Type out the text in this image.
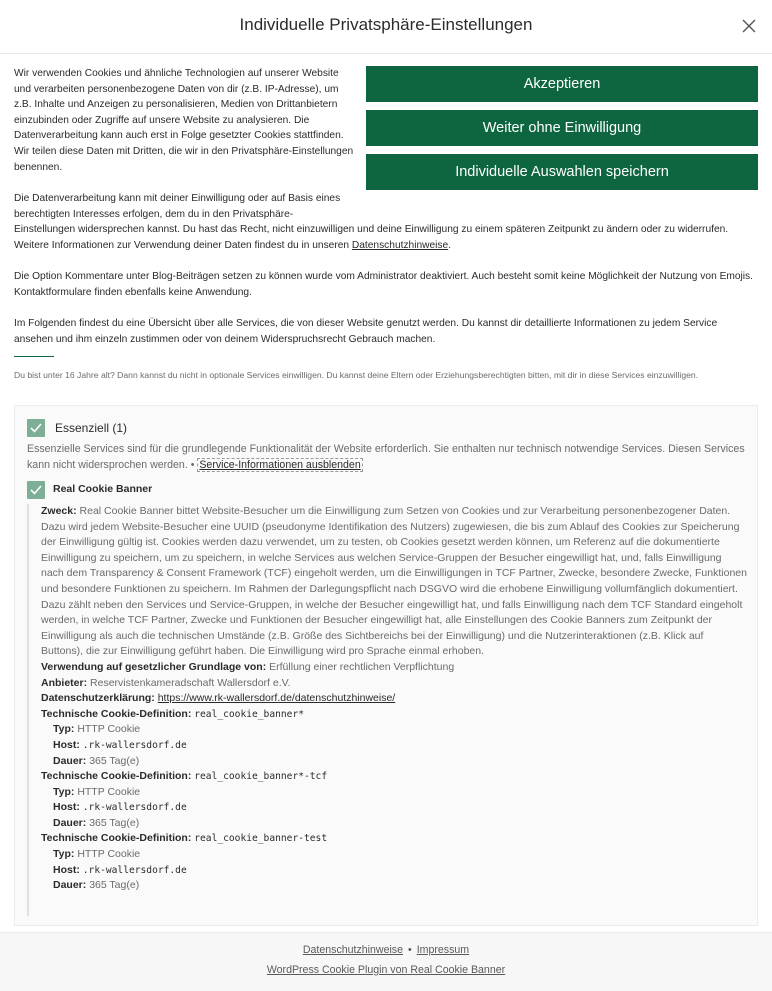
Individuelle Privatsphäre-Einstellungen
Wir verwenden Cookies und ähnliche Technologien auf unserer Website und verarbeiten personenbezogene Daten von dir (z.B. IP-Adresse), um z.B. Inhalte und Anzeigen zu personalisieren, Medien von Drittanbietern einzubinden oder Zugriffe auf unsere Website zu analysieren. Die Datenverarbeitung kann auch erst in Folge gesetzter Cookies stattfinden. Wir teilen diese Daten mit Dritten, die wir in den Privatsphäre-Einstellungen benennen.
Akzeptieren
Weiter ohne Einwilligung
Individuelle Auswahlen speichern
Die Datenverarbeitung kann mit deiner Einwilligung oder auf Basis eines berechtigten Interesses erfolgen, dem du in den Privatsphäre-
Einstellungen widersprechen kannst. Du hast das Recht, nicht einzuwilligen und deine Einwilligung zu einem späteren Zeitpunkt zu ändern oder zu widerrufen. Weitere Informationen zur Verwendung deiner Daten findest du in unseren Datenschutzhinweise.
Die Option Kommentare unter Blog-Beiträgen setzen zu können wurde vom Administrator deaktiviert. Auch besteht somit keine Möglichkeit der Nutzung von Emojis. Kontaktformulare finden ebenfalls keine Anwendung.
Im Folgenden findest du eine Übersicht über alle Services, die von dieser Website genutzt werden. Du kannst dir detaillierte Informationen zu jedem Service ansehen und ihm einzeln zustimmen oder von deinem Widerspruchsrecht Gebrauch machen.
Du bist unter 16 Jahre alt? Dann kannst du nicht in optionale Services einwilligen. Du kannst deine Eltern oder Erziehungsberechtigten bitten, mit dir in diese Services einzuwilligen.
Essenziell (1)
Essenzielle Services sind für die grundlegende Funktionalität der Website erforderlich. Sie enthalten nur technisch notwendige Services. Diesen Services kann nicht widersprochen werden. • Service-Informationen ausblenden
Real Cookie Banner
Zweck: Real Cookie Banner bittet Website-Besucher um die Einwilligung zum Setzen von Cookies und zur Verarbeitung personenbezogener Daten. Dazu wird jedem Website-Besucher eine UUID (pseudonyme Identifikation des Nutzers) zugewiesen, die bis zum Ablauf des Cookies zur Speicherung der Einwilligung gültig ist. Cookies werden dazu verwendet, um zu testen, ob Cookies gesetzt werden können, um Referenz auf die dokumentierte Einwilligung zu speichern, um zu speichern, in welche Services aus welchen Service-Gruppen der Besucher eingewilligt hat, und, falls Einwilligung nach dem Transparency & Consent Framework (TCF) eingeholt werden, um die Einwilligungen in TCF Partner, Zwecke, besondere Zwecke, Funktionen und besondere Funktionen zu speichern. Im Rahmen der Darlegungspflicht nach DSGVO wird die erhobene Einwilligung vollumfänglich dokumentiert. Dazu zählt neben den Services und Service-Gruppen, in welche der Besucher eingewilligt hat, und falls Einwilligung nach dem TCF Standard eingeholt werden, in welche TCF Partner, Zwecke und Funktionen der Besucher eingewilligt hat, alle Einstellungen des Cookie Banners zum Zeitpunkt der Einwilligung als auch die technischen Umstände (z.B. Größe des Sichtbereichs bei der Einwilligung) und die Nutzerinteraktionen (z.B. Klick auf Buttons), die zur Einwilligung geführt haben. Die Einwilligung wird pro Sprache einmal erhoben.
Verwendung auf gesetzlicher Grundlage von: Erfüllung einer rechtlichen Verpflichtung
Anbieter: Reservistenkameradschaft Wallersdorf e.V.
Datenschutzerklärung: https://www.rk-wallersdorf.de/datenschutzhinweise/
Technische Cookie-Definition: real_cookie_banner*
Typ: HTTP Cookie
Host: .rk-wallersdorf.de
Dauer: 365 Tag(e)
Technische Cookie-Definition: real_cookie_banner*-tcf
Typ: HTTP Cookie
Host: .rk-wallersdorf.de
Dauer: 365 Tag(e)
Technische Cookie-Definition: real_cookie_banner-test
Typ: HTTP Cookie
Host: .rk-wallersdorf.de
Dauer: 365 Tag(e)
Datenschutzhinweise • Impressum
WordPress Cookie Plugin von Real Cookie Banner
